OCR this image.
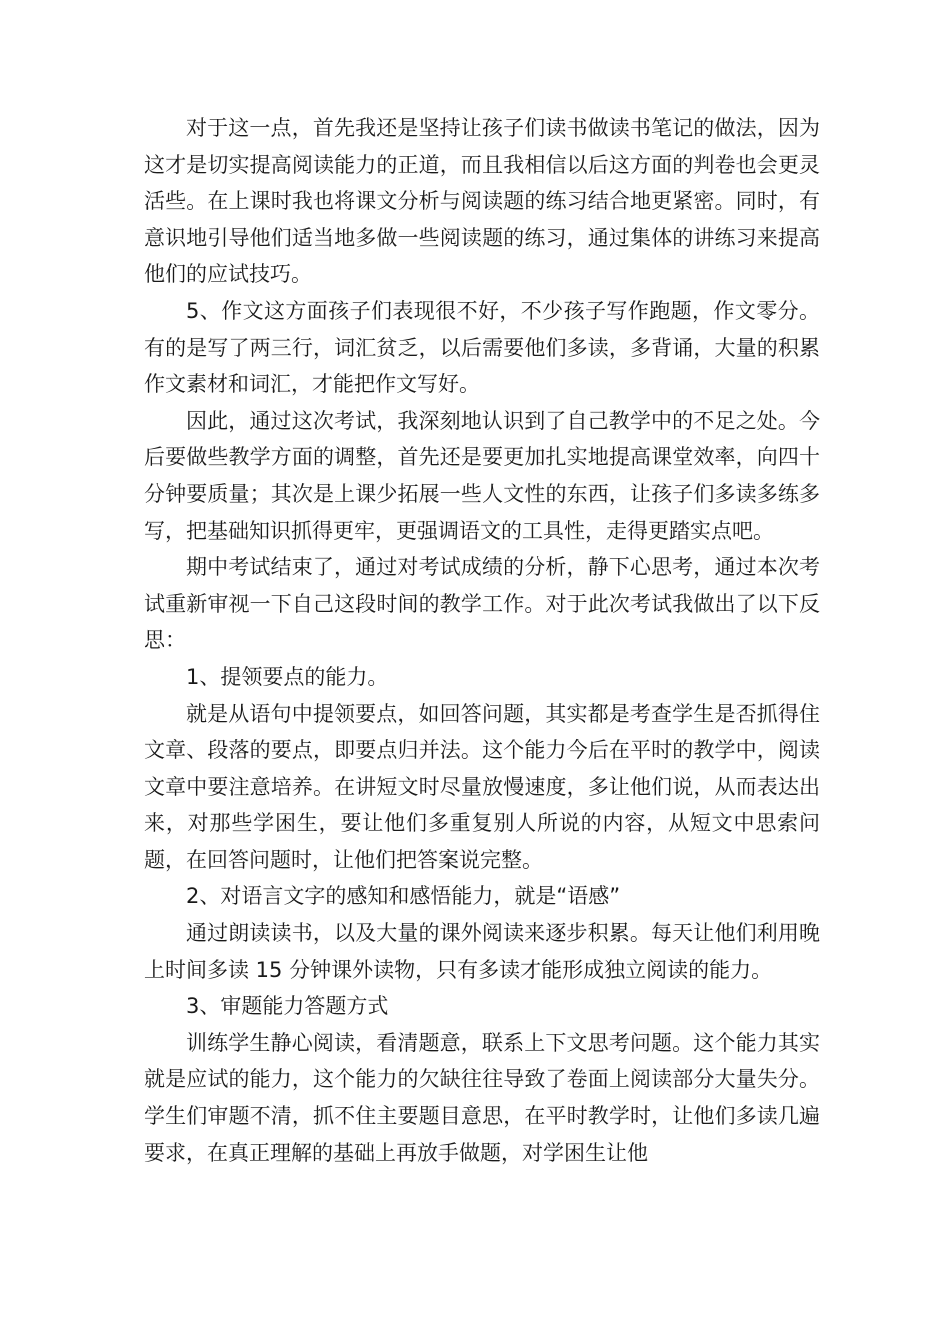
对于这一点，首先我还是坚持让孩子们读书做读书笔记的做法，因为这才是切实提高阅读能力的正道，而且我相信以后这方面的判卷也会更灵活些。在上课时我也将课文分析与阅读题的练习结合地更紧密。同时，有意识地引导他们适当地多做一些阅读题的练习，通过集体的讲练习来提高他们的应试技巧。

5、作文这方面孩子们表现很不好，不少孩子写作跑题，作文零分。有的是写了两三行，词汇贫乏，以后需要他们多读，多背诵，大量的积累作文素材和词汇，才能把作文写好。

因此，通过这次考试，我深刻地认识到了自己教学中的不足之处。今后要做些教学方面的调整，首先还是要更加扎实地提高课堂效率，向四十分钟要质量；其次是上课少拓展一些人文性的东西，让孩子们多读多练多写，把基础知识抓得更牢，更强调语文的工具性，走得更踏实点吧。

期中考试结束了，通过对考试成绩的分析，静下心思考，通过本次考试重新审视一下自己这段时间的教学工作。对于此次考试我做出了以下反思：

1、提领要点的能力。

就是从语句中提领要点，如回答问题，其实都是考查学生是否抓得住文章、段落的要点，即要点归并法。这个能力今后在平时的教学中，阅读文章中要注意培养。在讲短文时尽量放慢速度，多让他们说，从而表达出来，对那些学困生，要让他们多重复别人所说的内容，从短文中思索问题，在回答问题时，让他们把答案说完整。

2、对语言文字的感知和感悟能力，就是“语感”

通过朗读读书，以及大量的课外阅读来逐步积累。每天让他们利用晚上时间多读 15 分钟课外读物，只有多读才能形成独立阅读的能力。

3、审题能力答题方式

训练学生静心阅读，看清题意，联系上下文思考问题。这个能力其实就是应试的能力，这个能力的欠缺往往导致了卷面上阅读部分大量失分。学生们审题不清，抓不住主要题目意思，在平时教学时，让他们多读几遍要求，在真正理解的基础上再放手做题，对学困生让他
